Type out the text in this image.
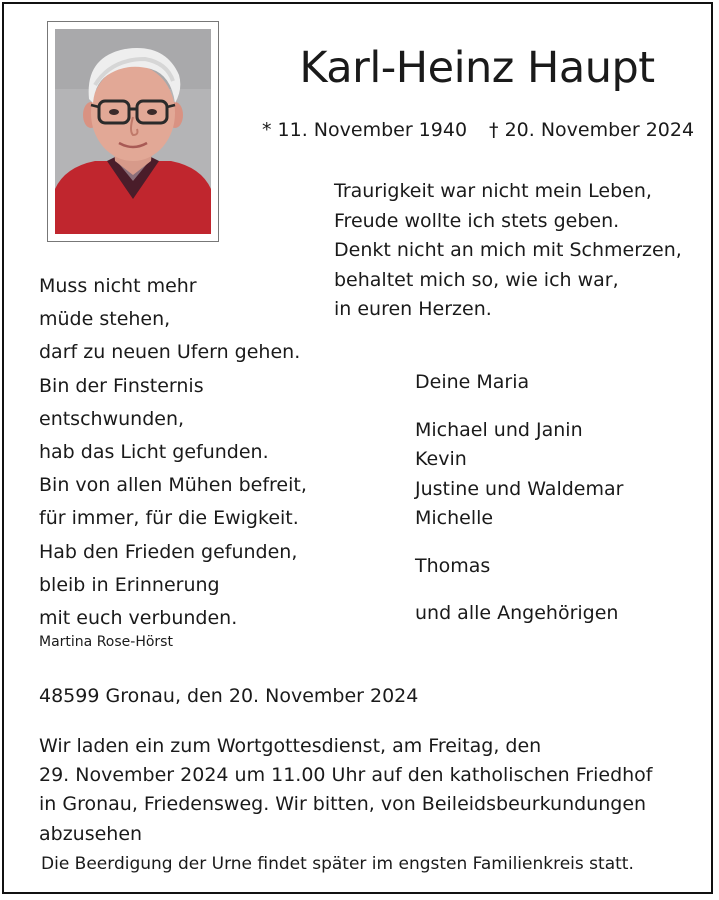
Karl-Heinz Haupt
* 11. November 1940 † 20. November 2024
Traurigkeit war nicht mein Leben,
Freude wollte ich stets geben.
Denkt nicht an mich mit Schmerzen,
behaltet mich so, wie ich war,
in euren Herzen.
Muss nicht mehr
müde stehen,
darf zu neuen Ufern gehen.
Bin der Finsternis
entschwunden,
hab das Licht gefunden.
Bin von allen Mühen befreit,
für immer, für die Ewigkeit.
Hab den Frieden gefunden,
bleib in Erinnerung
mit euch verbunden.
Martina Rose-Hörst
Deine Maria
Michael und Janin
Kevin
Justine und Waldemar
Michelle
Thomas
und alle Angehörigen
48599 Gronau, den 20. November 2024
Wir laden ein zum Wortgottesdienst, am Freitag, den
29. November 2024 um 11.00 Uhr auf den katholischen Friedhof
in Gronau, Friedensweg. Wir bitten, von Beileidsbeurkundungen
abzusehen
Die Beerdigung der Urne findet später im engsten Familienkreis statt.
